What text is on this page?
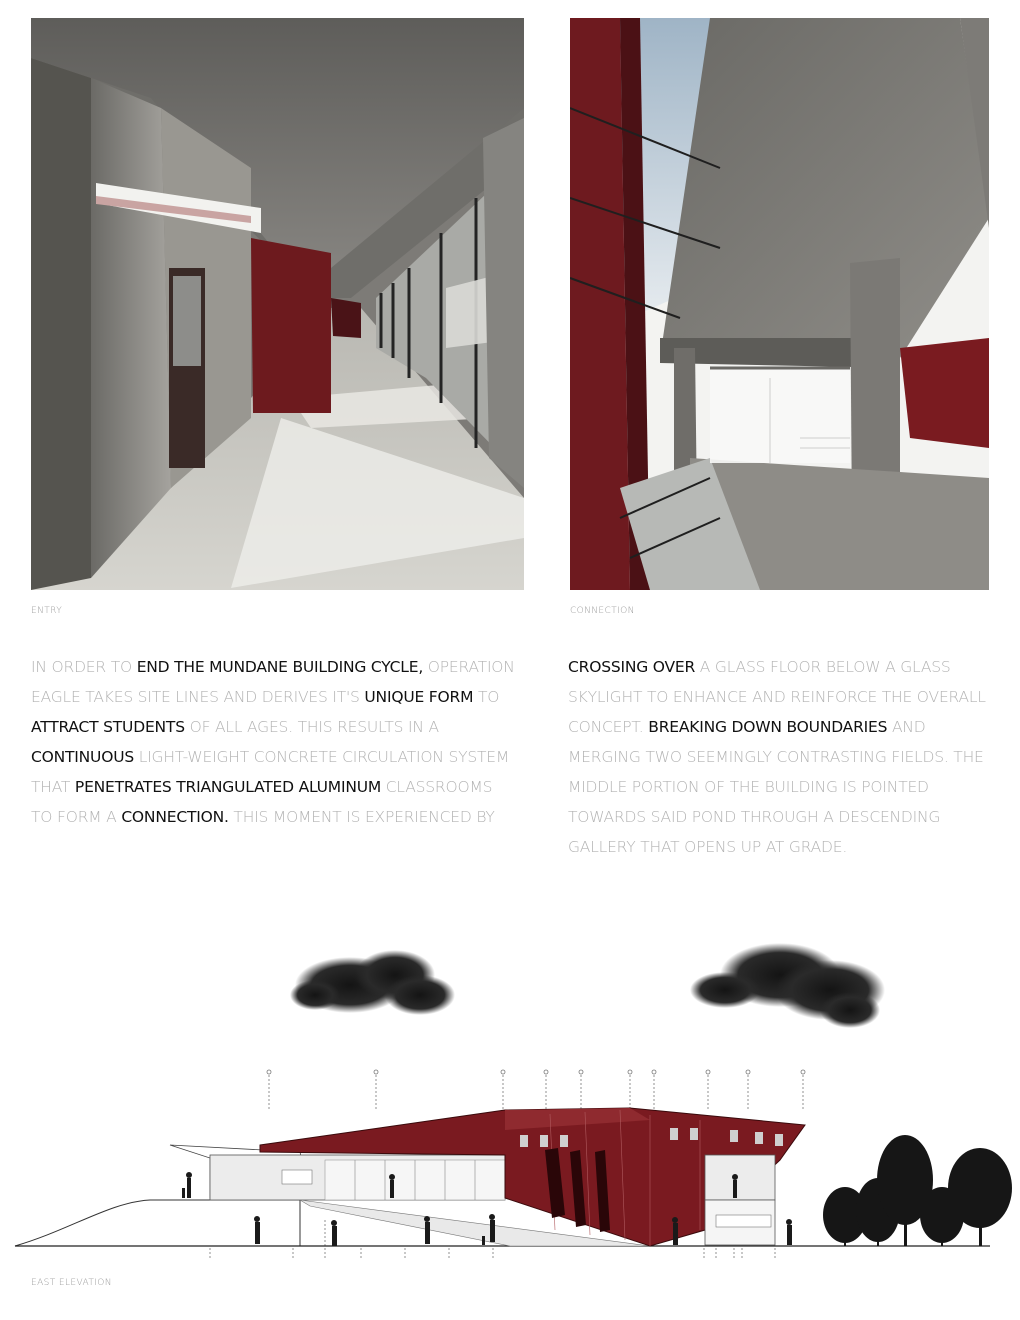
ENTRY	CONNECTION
IN ORDER TO END THE MUNDANE BUILDING CYCLE, OPERATION
EAGLE TAKES SITE LINES AND DERIVES IT'S UNIQUE FORM TO
ATTRACT STUDENTS OF ALL AGES. THIS RESULTS IN A
CONTINUOUS LIGHT-WEIGHT CONCRETE CIRCULATION SYSTEM
THAT PENETRATES TRIANGULATED ALUMINUM CLASSROOMS
TO FORM A CONNECTION. THIS MOMENT IS EXPERIENCED BY
CROSSING OVER A GLASS FLOOR BELOW A GLASS
SKYLIGHT TO ENHANCE AND REINFORCE THE OVERALL
CONCEPT. BREAKING DOWN BOUNDARIES AND
MERGING TWO SEEMINGLY CONTRASTING FIELDS. THE
MIDDLE PORTION OF THE BUILDING IS POINTED
TOWARDS SAID POND THROUGH A DESCENDING
GALLERY THAT OPENS UP AT GRADE.
EAST ELEVATION
